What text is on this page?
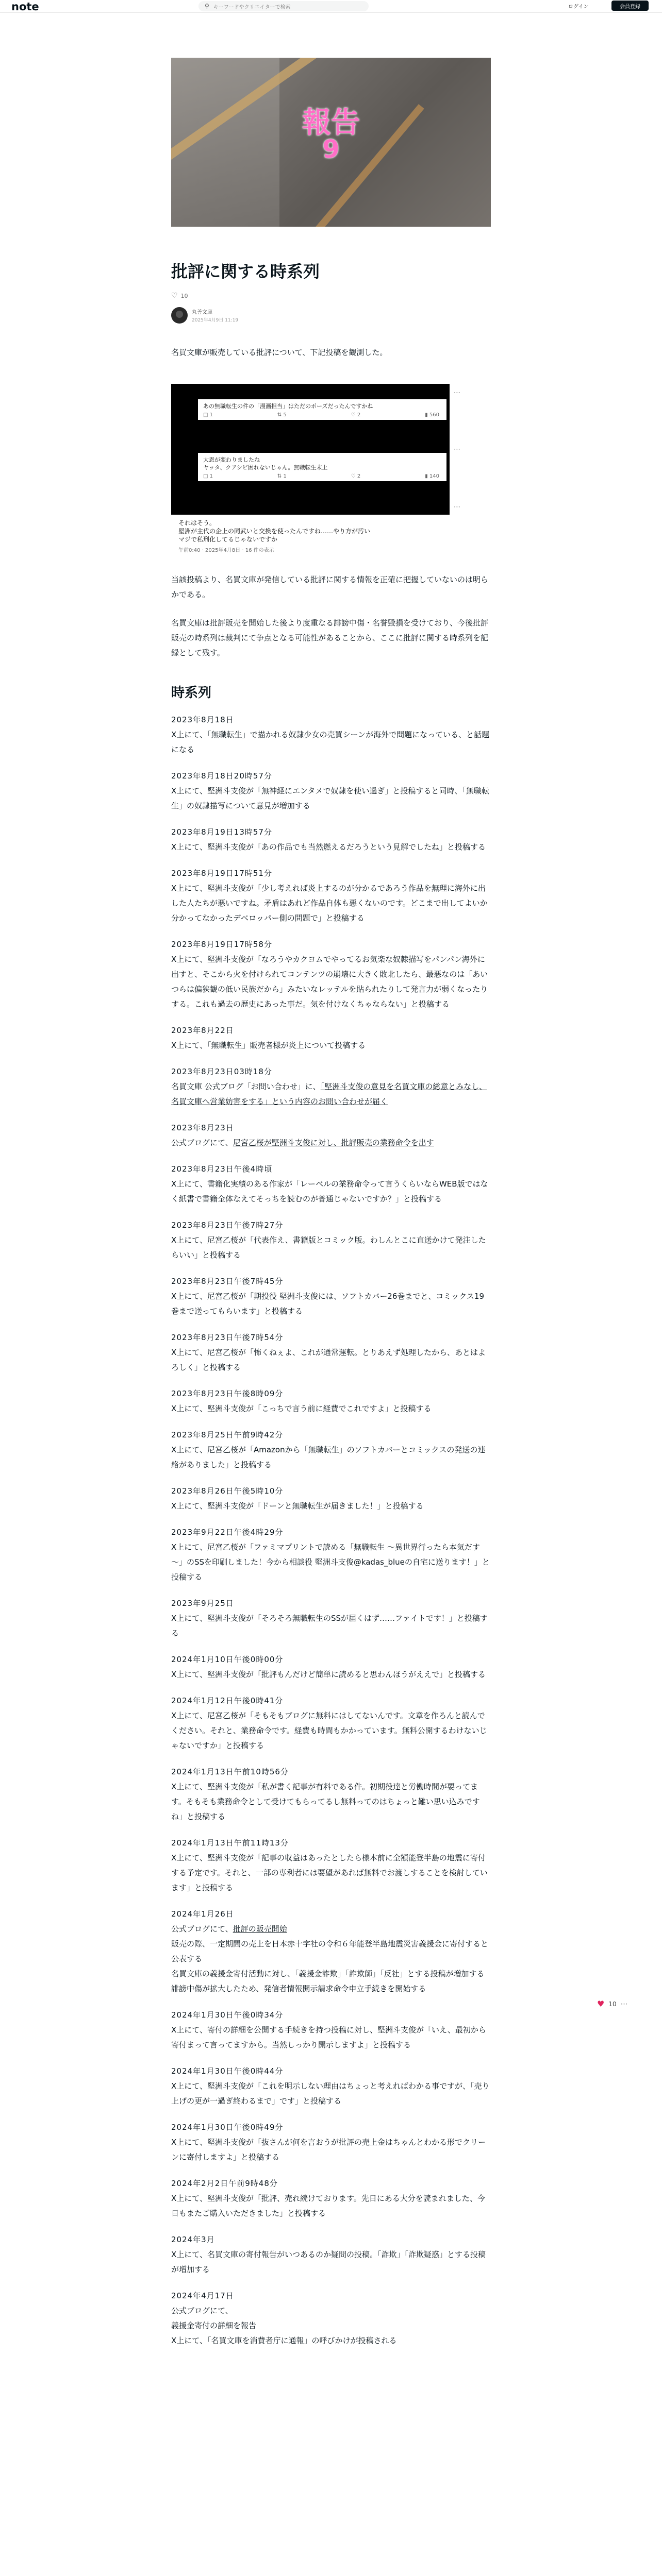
note	⚲ キーワードやクリエイターで検索	ログイン	会員登録
報告
9
批評に関する時系列
♡ 10
丸善文庫
2025年4月9日 11:19

名買文庫が販売している批評について、下記投稿を観測した。

あの無職転生の件の「漫画担当」はただのポーズだったんですかね
□ 1	⇅ 5	♡ 2	▮ 560
大恩が変わりましたね
ヤッタ、クアシビ困れないじゃん。無職転生末上
□ 1	⇅ 1	♡ 2	▮ 140
⋯
⋯
⋯
それはそう。
堅洲が主代の企上の同武いと交換を使ったんですね……やり方が汚い
マジで私刑化してるじゃないですか
午前0:40 · 2025年4月8日 · 16 件の表示

当該投稿より、名買文庫が発信している批評に関する情報を正確に把握していないのは明らかである。

名買文庫は批評販売を開始した後より度重なる誹謗中傷・名誉毀損を受けており、今後批評販売の時系列は裁判にて争点となる可能性があることから、ここに批評に関する時系列を記録として残す。

時系列
2023年8月18日
X上にて、「無職転生」で描かれる奴隷少女の売買シーンが海外で問題になっている、と話題になる
2023年8月18日20時57分
X上にて、堅洲斗支俊が「無神経にエンタメで奴隷を使い過ぎ」と投稿すると同時、「無職転生」の奴隷描写について意見が増加する
2023年8月19日13時57分
X上にて、堅洲斗支俊が「あの作品でも当然燃えるだろうという見解でしたね」と投稿する
2023年8月19日17時51分
X上にて、堅洲斗支俊が「少し考えれば炎上するのが分かるであろう作品を無理に海外に出した人たちが悪いですね。矛盾はあれど作品自体も悪くないのです。どこまで出してよいか分かってなかったデベロッパー側の問題で」と投稿する
2023年8月19日17時58分
X上にて、堅洲斗支俊が「なろうやカクヨムでやってるお気楽な奴隷描写をパンパン海外に出すと、そこから火を付けられてコンテンツの崩壊に大きく敗北したら、最悪なのは「あいつらは偏狭観の低い民族だから」みたいなレッテルを貼られたりして発言力が弱くなったりする。これも過去の歴史にあった事だ。気を付けなくちゃならない」と投稿する
2023年8月22日
X上にて、「無職転生」販売者様が炎上について投稿する
2023年8月23日03時18分
名買文庫 公式ブログ「お問い合わせ」に、「堅洲斗支俊の意見を名買文庫の総意とみなし、名買文庫へ営業妨害をする」という内容のお問い合わせが届く
2023年8月23日
公式ブログにて、尼宮乙桜が堅洲斗支俊に対し、批評販売の業務命令を出す
2023年8月23日午後4時頃
X上にて、書籍化実績のある作家が「レーベルの業務命令って言うくらいならWEB版ではなく紙書で書籍全体なえてそっちを読むのが普通じゃないですか？」と投稿する
2023年8月23日午後7時27分
X上にて、尼宮乙桜が「代表作え、書籍版とコミック版。わしんとこに直送かけて発注したらいい」と投稿する
2023年8月23日午後7時45分
X上にて、尼宮乙桜が「期投役 堅洲斗支俊には、ソフトカバー26巻までと、コミックス19巻まで送ってもらいます」と投稿する
2023年8月23日午後7時54分
X上にて、尼宮乙桜が「怖くねぇよ、これが通常運転。とりあえず処理したから、あとはよろしく」と投稿する
2023年8月23日午後8時09分
X上にて、堅洲斗支俊が「こっちで言う前に経費でこれですよ」と投稿する
2023年8月25日午前9時42分
X上にて、尼宮乙桜が「Amazonから「無職転生」のソフトカバーとコミックスの発送の連絡がありました」と投稿する
2023年8月26日午後5時10分
X上にて、堅洲斗支俊が「ドーンと無職転生が届きました！」と投稿する
2023年9月22日午後4時29分
X上にて、尼宮乙桜が「ファミマプリントで読める「無職転生 ～異世界行ったら本気だす～」のSSを印刷しました！今から相談役 堅洲斗支俊@kadas_blueの自宅に送ります！」と投稿する
2023年9月25日
X上にて、堅洲斗支俊が「そろそろ無職転生のSSが届くはず……ファイトです！」と投稿する
2024年1月10日午後0時00分
X上にて、堅洲斗支俊が「批評もんだけど簡単に読めると思わんほうがええで」と投稿する
2024年1月12日午後0時41分
X上にて、尼宮乙桜が「そもそもブログに無料にはしてないんです。文章を作ろんと読んでください。それと、業務命令です。経費も時間もかかっています。無料公開するわけないじゃないですか」と投稿する
2024年1月13日午前10時56分
X上にて、堅洲斗支俊が「私が書く記事が有料である件。初期役達と労働時間が要ってます。そもそも業務命令として受けてもらってるし無料ってのはちょっと難い思い込みですね」と投稿する
2024年1月13日午前11時13分
X上にて、堅洲斗支俊が「記事の収益はあったとしたら様本前に全額能登半島の地震に寄付する予定です。それと、一部の専利者には要望があれば無料でお渡しすることを検討しています」と投稿する
2024年1月26日
公式ブログにて、批評の販売開始
販売の際、一定期間の売上を日本赤十字社の令和６年能登半島地震災害義援金に寄付すると公表する
名買文庫の義援金寄付活動に対し、「義援金詐欺」「詐欺師」「反社」とする投稿が増加する
誹謗中傷が拡大したため、発信者情報開示請求命令申立手続きを開始する
2024年1月30日午後0時34分
X上にて、寄付の詳細を公開する手続きを持つ投稿に対し、堅洲斗支俊が「いえ、最初から寄付まって言ってますから。当然しっかり開示しますよ」と投稿する
2024年1月30日午後0時44分
X上にて、堅洲斗支俊が「これを明示しない理由はちょっと考えればわかる事ですが、「売り上げの更が一過ぎ終わるまで」です」と投稿する
2024年1月30日午後0時49分
X上にて、堅洲斗支俊が「抜さんが何を言おうが批評の売上金はちゃんとわかる形でクリーンに寄付しますよ」と投稿する
2024年2月2日午前9時48分
X上にて、堅洲斗支俊が「批評、売れ続けております。先日にある大分を読まれました、今日もまたご購入いただきました」と投稿する
2024年3月
X上にて、名買文庫の寄付報告がいつあるのか疑問の投稿。「詐欺」「詐欺疑惑」とする投稿が増加する
2024年4月17日
公式ブログにて、
義援金寄付の詳細を報告
X上にて、「名買文庫を消費者庁に通報」の呼びかけが投稿される
♥ 10 ⋯
